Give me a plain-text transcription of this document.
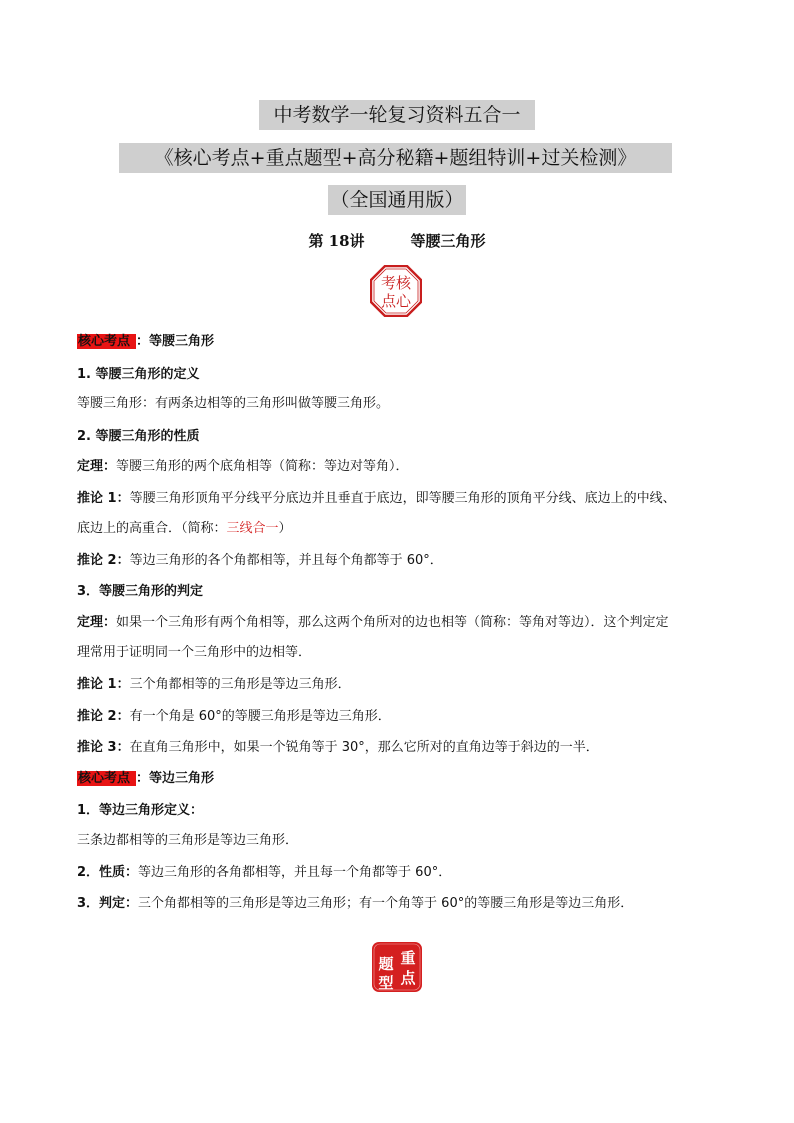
中考数学一轮复习资料五合一
《核心考点+重点题型+高分秘籍+题组特训+过关检测》
（全国通用版）
第 18讲	等腰三角形
考核
点心
核心考点 ：等腰三角形
1. 等腰三角形的定义
等腰三角形：有两条边相等的三角形叫做等腰三角形。
2. 等腰三角形的性质
定理：等腰三角形的两个底角相等（简称：等边对等角）．
推论 1：等腰三角形顶角平分线平分底边并且垂直于底边，即等腰三角形的顶角平分线、底边上的中线、
底边上的高重合．（简称：三线合一）
推论 2：等边三角形的各个角都相等，并且每个角都等于 60°．
3．等腰三角形的判定
定理：如果一个三角形有两个角相等，那么这两个角所对的边也相等（简称：等角对等边）．这个判定定
理常用于证明同一个三角形中的边相等．
推论 1：三个角都相等的三角形是等边三角形．
推论 2：有一个角是 60°的等腰三角形是等边三角形．
推论 3：在直角三角形中，如果一个锐角等于 30°，那么它所对的直角边等于斜边的一半．
核心考点 ：等边三角形
1．等边三角形定义：
三条边都相等的三角形是等边三角形．
2．性质：等边三角形的各角都相等，并且每一个角都等于 60°．
3．判定：三个角都相等的三角形是等边三角形；有一个角等于 60°的等腰三角形是等边三角形．
重
点
题
型
